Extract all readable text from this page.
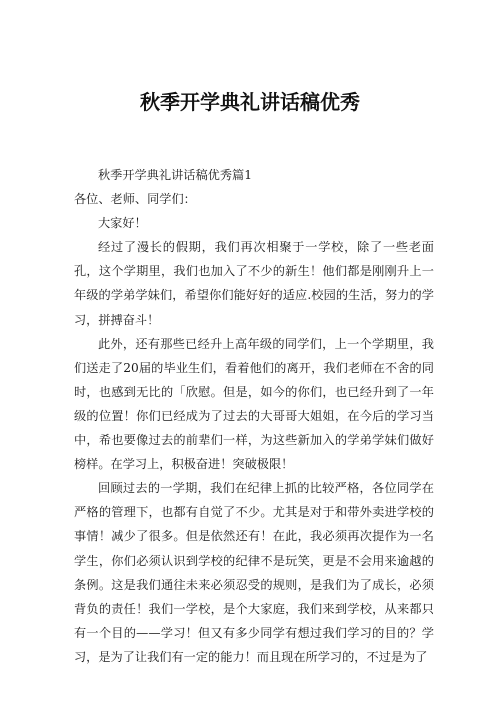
秋季开学典礼讲话稿优秀

秋季开学典礼讲话稿优秀篇1

各位、老师、同学们：

大家好！

经过了漫长的假期，我们再次相聚于一学校，除了一些老面孔，这个学期里，我们也加入了不少的新生！他们都是刚刚升上一年级的学弟学妹们，希望你们能好好的适应.校园的生活，努力的学习，拼搏奋斗！

此外，还有那些已经升上高年级的同学们，上一个学期里，我们送走了20届的毕业生们，看着他们的离开，我们老师在不舍的同时，也感到无比的「欣慰。但是，如今的你们，也已经升到了一年级的位置！你们已经成为了过去的大哥哥大姐姐，在今后的学习当中，希也要像过去的前辈们一样，为这些新加入的学弟学妹们做好榜样。在学习上，积极奋进！突破极限！

回顾过去的一学期，我们在纪律上抓的比较严格，各位同学在严格的管理下，也都有自觉了不少。尤其是对于和带外卖进学校的事情！减少了很多。但是依然还有！在此，我必须再次提作为一名学生，你们必须认识到学校的纪律不是玩笑，更是不会用来逾越的条例。这是我们通往未来必须忍受的规则，是我们为了成长，必须背负的责任！我们一学校，是个大家庭，我们来到学校，从来都只有一个目的——学习！但又有多少同学有想过我们学习的目的？学习，是为了让我们有一定的能力！而且现在所学习的，不过是为了
